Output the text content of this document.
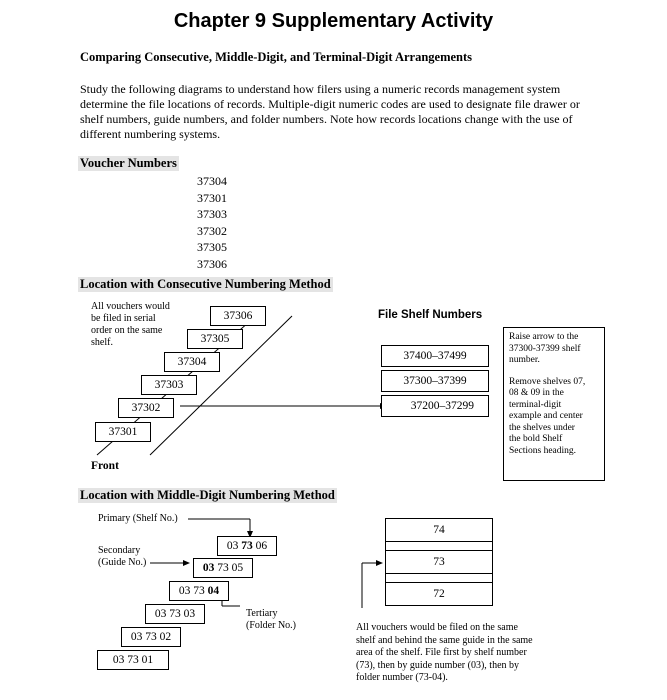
Chapter 9 Supplementary Activity
Comparing Consecutive, Middle-Digit, and Terminal-Digit Arrangements
Study the following diagrams to understand how filers using a numeric records management system determine the file locations of records. Multiple-digit numeric codes are used to designate file drawer or shelf numbers, guide numbers, and folder numbers. Note how records locations change with the use of different numbering systems.
Voucher Numbers
37304
37301
37303
37302
37305
37306
Location with Consecutive Numbering Method
All vouchers would
be filed in serial
order on the same
shelf.
37306
37305
37304
37303
37302
37301
Front
File Shelf Numbers
37400–37499
37300–37399
37200–37299
Raise arrow to the
37300-37399 shelf
number.
Remove shelves 07,
08 & 09 in the
terminal-digit
example and center
the shelves under
the bold Shelf
Sections heading.
Location with Middle-Digit Numbering Method
Primary (Shelf No.)
Secondary
(Guide No.)
Tertiary
(Folder No.)
03 73 06
03 73 05
03 73 04
03 73 03
03 73 02
03 73 01
74
73
72
All vouchers would be filed on the same
shelf and behind the same guide in the same
area of the shelf. File first by shelf number
(73), then by guide number (03), then by
folder number (73-04).
